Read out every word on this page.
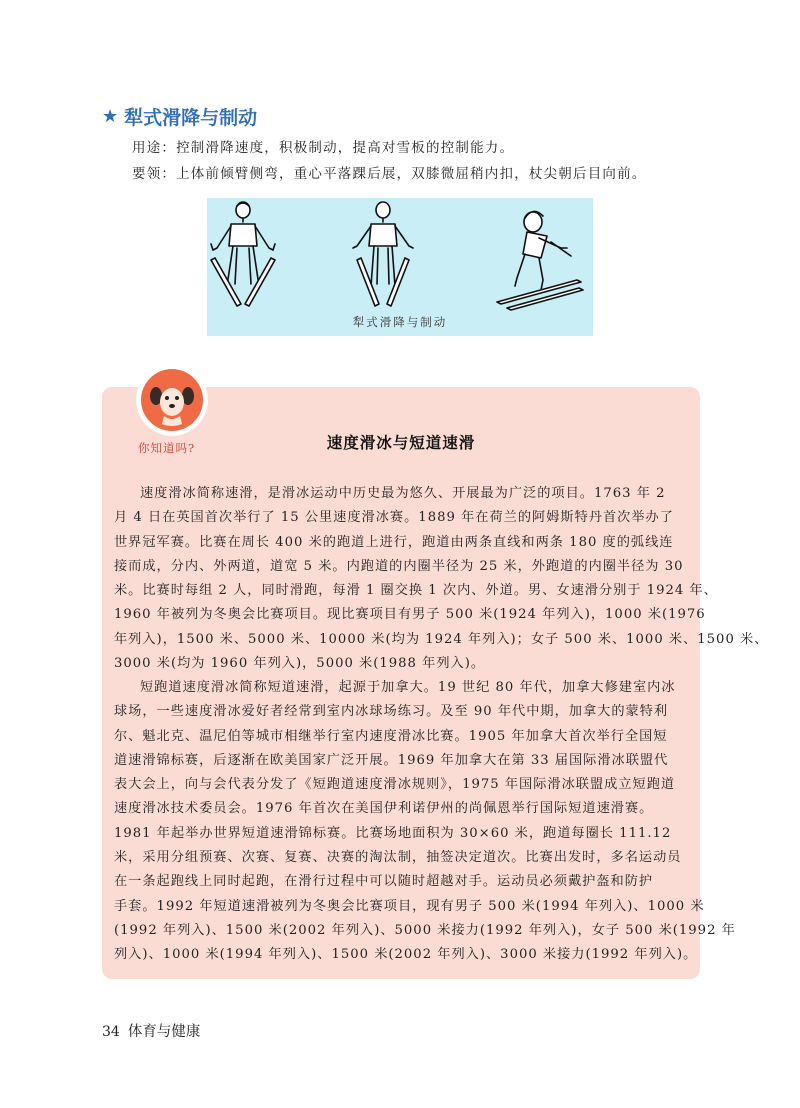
★ 犁式滑降与制动
用途：控制滑降速度，积极制动，提高对雪板的控制能力。
要领：上体前倾臂侧弯，重心平落踝后展，双膝微屈稍内扣，杖尖朝后目向前。
犁式滑降与制动
你知道吗?	速度滑冰与短道速滑
速度滑冰简称速滑，是滑冰运动中历史最为悠久、开展最为广泛的项目。1763 年 2
月 4 日在英国首次举行了 15 公里速度滑冰赛。1889 年在荷兰的阿姆斯特丹首次举办了
世界冠军赛。比赛在周长 400 米的跑道上进行，跑道由两条直线和两条 180 度的弧线连
接而成，分内、外两道，道宽 5 米。内跑道的内圈半径为 25 米，外跑道的内圈半径为 30
米。比赛时每组 2 人，同时滑跑，每滑 1 圈交换 1 次内、外道。男、女速滑分别于 1924 年、
1960 年被列为冬奥会比赛项目。现比赛项目有男子 500 米(1924 年列入)，1000 米(1976
年列入)，1500 米、5000 米、10000 米(均为 1924 年列入)；女子 500 米、1000 米、1500 米、
3000 米(均为 1960 年列入)，5000 米(1988 年列入)。
短跑道速度滑冰简称短道速滑，起源于加拿大。19 世纪 80 年代，加拿大修建室内冰
球场，一些速度滑冰爱好者经常到室内冰球场练习。及至 90 年代中期，加拿大的蒙特利
尔、魁北克、温尼伯等城市相继举行室内速度滑冰比赛。1905 年加拿大首次举行全国短
道速滑锦标赛，后逐渐在欧美国家广泛开展。1969 年加拿大在第 33 届国际滑冰联盟代
表大会上，向与会代表分发了《短跑道速度滑冰规则》，1975 年国际滑冰联盟成立短跑道
速度滑冰技术委员会。1976 年首次在美国伊利诺伊州的尚佩恩举行国际短道速滑赛。
1981 年起举办世界短道速滑锦标赛。比赛场地面积为 30×60 米，跑道每圈长 111.12
米，采用分组预赛、次赛、复赛、决赛的淘汰制，抽签决定道次。比赛出发时，多名运动员
在一条起跑线上同时起跑，在滑行过程中可以随时超越对手。运动员必须戴护盔和防护
手套。1992 年短道速滑被列为冬奥会比赛项目，现有男子 500 米(1994 年列入)、1000 米
(1992 年列入)、1500 米(2002 年列入)、5000 米接力(1992 年列入)，女子 500 米(1992 年
列入)、1000 米(1994 年列入)、1500 米(2002 年列入)、3000 米接力(1992 年列入)。
34 体育与健康
